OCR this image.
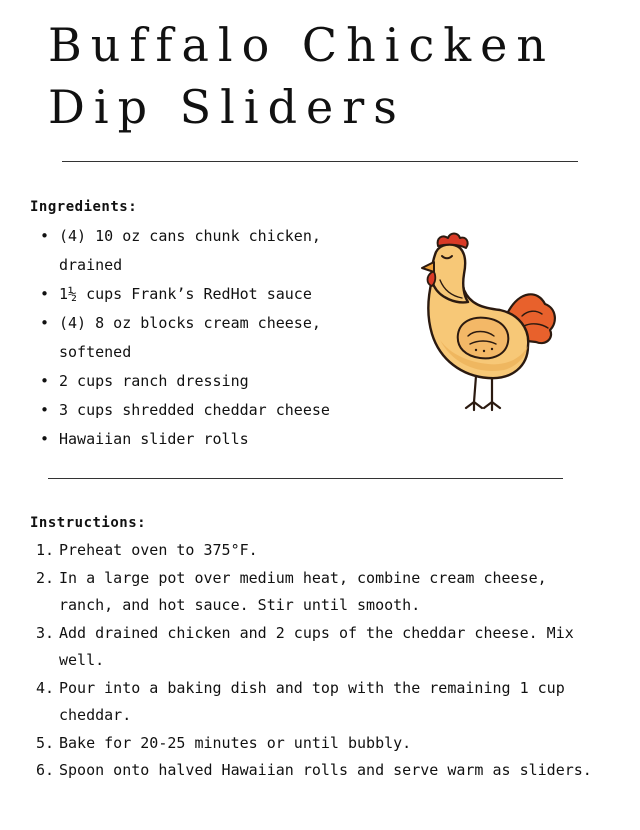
Buffalo Chicken
Dip Sliders
Ingredients:
• (4) 10 oz cans chunk chicken, drained
• 1½ cups Frank’s RedHot sauce
• (4) 8 oz blocks cream cheese, softened
• 2 cups ranch dressing
• 3 cups shredded cheddar cheese
• Hawaiian slider rolls
Instructions:
1. Preheat oven to 375°F.
2. In a large pot over medium heat, combine cream cheese, ranch, and hot sauce. Stir until smooth.
3. Add drained chicken and 2 cups of the cheddar cheese. Mix well.
4. Pour into a baking dish and top with the remaining 1 cup cheddar.
5. Bake for 20-25 minutes or until bubbly.
6. Spoon onto halved Hawaiian rolls and serve warm as sliders.
